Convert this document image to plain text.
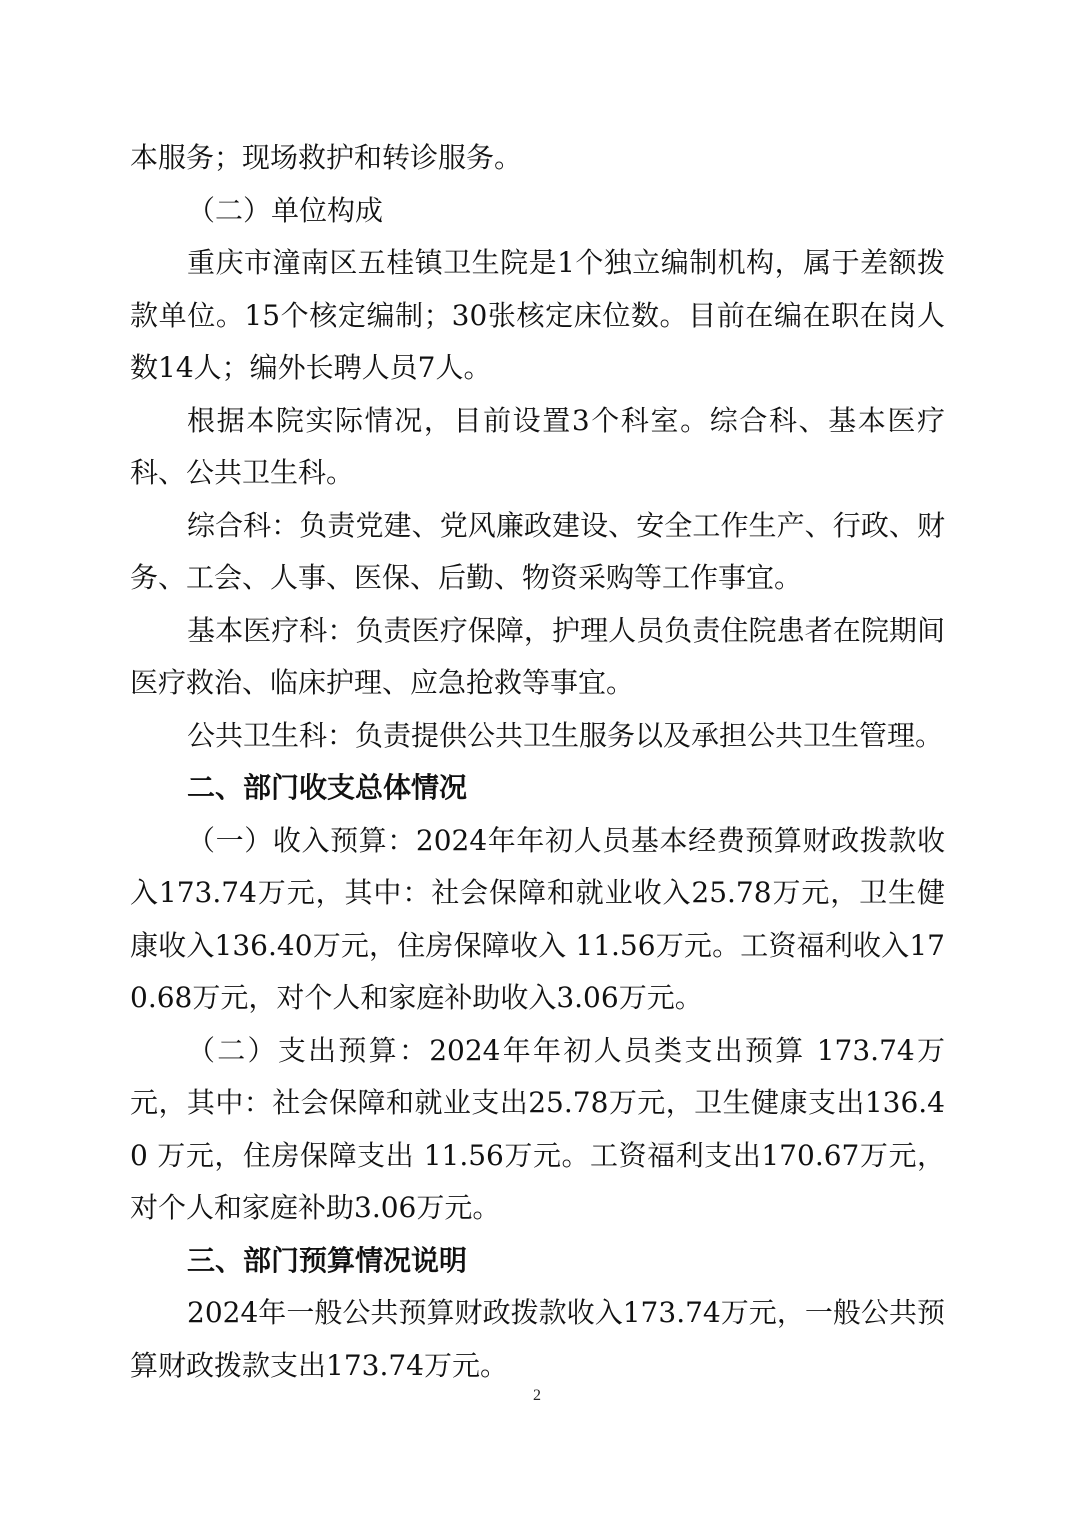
本服务；现场救护和转诊服务。

（二）单位构成

重庆市潼南区五桂镇卫生院是1个独立编制机构，属于差额拨款单位。15个核定编制；30张核定床位数。目前在编在职在岗人数14人；编外长聘人员7人。

根据本院实际情况，目前设置3个科室。综合科、基本医疗科、公共卫生科。

综合科：负责党建、党风廉政建设、安全工作生产、行政、财务、工会、人事、医保、后勤、物资采购等工作事宜。

基本医疗科：负责医疗保障，护理人员负责住院患者在院期间医疗救治、临床护理、应急抢救等事宜。

公共卫生科：负责提供公共卫生服务以及承担公共卫生管理。

二、部门收支总体情况

（一）收入预算：2024年年初人员基本经费预算财政拨款收入173.74万元，其中：社会保障和就业收入25.78万元，卫生健康收入136.40万元，住房保障收入 11.56万元。工资福利收入170.68万元，对个人和家庭补助收入3.06万元。

（二）支出预算：2024年年初人员类支出预算 173.74万元，其中：社会保障和就业支出25.78万元，卫生健康支出136.40 万元，住房保障支出 11.56万元。工资福利支出170.67万元，对个人和家庭补助3.06万元。

三、部门预算情况说明

2024年一般公共预算财政拨款收入173.74万元，一般公共预算财政拨款支出173.74万元。

2
